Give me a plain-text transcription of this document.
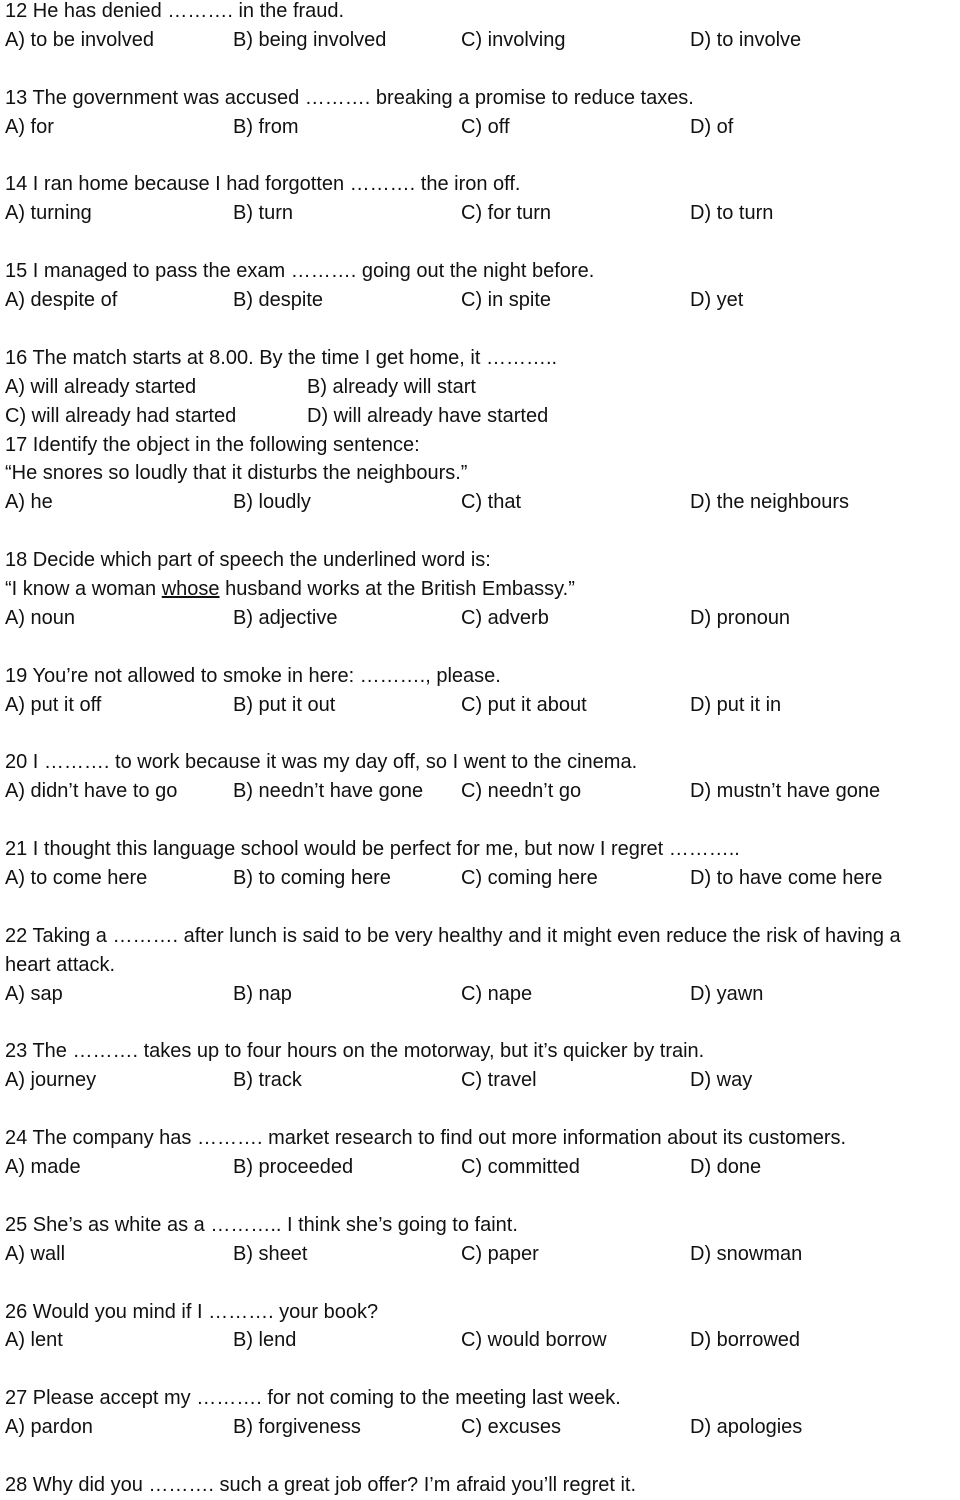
12 He has denied ………. in the fraud.
A) to be involved	B) being involved	C) involving	D) to involve
13 The government was accused ………. breaking a promise to reduce taxes.
A) for	B) from	C) off	D) of
14 I ran home because I had forgotten ………. the iron off.
A) turning	B) turn	C) for turn	D) to turn
15 I managed to pass the exam ………. going out the night before.
A) despite of	B) despite	C) in spite	D) yet
16 The match starts at 8.00. By the time I get home, it ………..
A) will already started	B) already will start
C) will already had started	D) will already have started
17 Identify the object in the following sentence:
“He snores so loudly that it disturbs the neighbours.”
A) he	B) loudly	C) that	D) the neighbours
18 Decide which part of speech the underlined word is:
“I know a woman whose husband works at the British Embassy.”
A) noun	B) adjective	C) adverb	D) pronoun
19 You’re not allowed to smoke in here: ………., please.
A) put it off	B) put it out	C) put it about	D) put it in
20 I ………. to work because it was my day off, so I went to the cinema.
A) didn’t have to go	B) needn’t have gone C) needn’t go	D) mustn’t have gone
21 I thought this language school would be perfect for me, but now I regret ………..
A) to come here	B) to coming here	C) coming here	D) to have come here
22 Taking a ………. after lunch is said to be very healthy and it might even reduce the risk of having a
heart attack.
A) sap	B) nap	C) nape	D) yawn
23 The ………. takes up to four hours on the motorway, but it’s quicker by train.
A) journey	B) track	C) travel	D) way
24 The company has ………. market research to find out more information about its customers.
A) made	B) proceeded	C) committed	D) done
25 She’s as white as a ……….. I think she’s going to faint.
A) wall	B) sheet	C) paper	D) snowman
26 Would you mind if I ………. your book?
A) lent	B) lend	C) would borrow	D) borrowed
27 Please accept my ………. for not coming to the meeting last week.
A) pardon	B) forgiveness	C) excuses	D) apologies
28 Why did you ………. such a great job offer? I’m afraid you’ll regret it.
